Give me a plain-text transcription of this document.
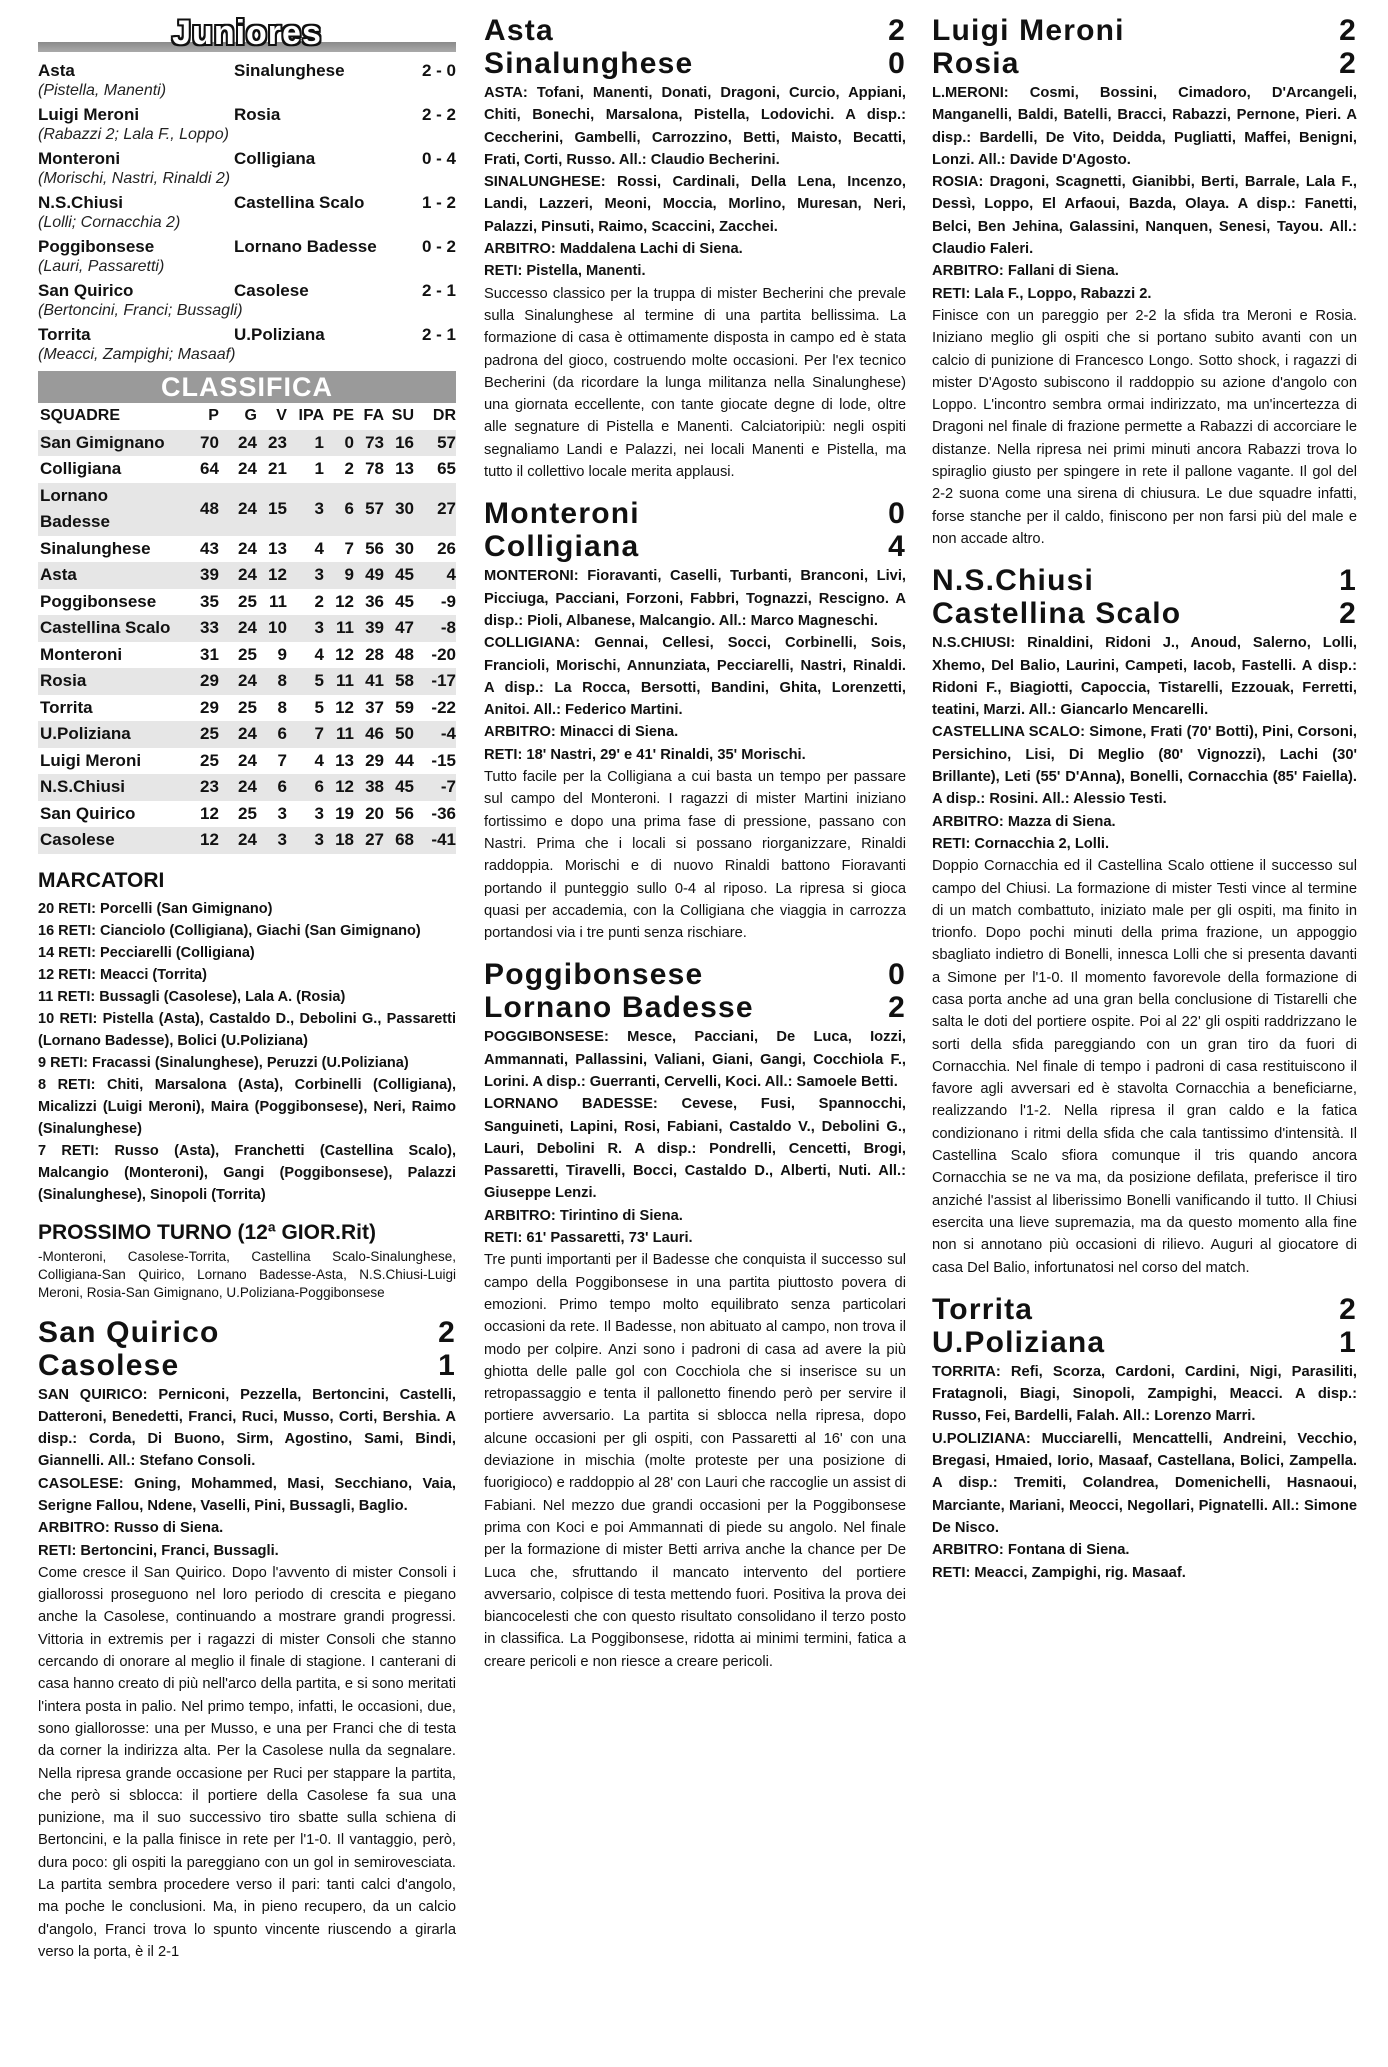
Juniores
Asta	Sinalunghese	2 - 0
(Pistella, Manenti)
Luigi Meroni	Rosia	2 - 2
(Rabazzi 2; Lala F., Loppo)
Monteroni	Colligiana	0 - 4
(Morischi, Nastri, Rinaldi 2)
N.S.Chiusi	Castellina Scalo	1 - 2
(Lolli; Cornacchia 2)
Poggibonsese	Lornano Badesse	0 - 2
(Lauri, Passaretti)
San Quirico	Casolese	2 - 1
(Bertoncini, Franci; Bussagli)
Torrita	U.Poliziana	2 - 1
(Meacci, Zampighi; Masaaf)
CLASSIFICA
SQUADRE	P	G	V	I	PA	PE	FA	SU	DR
San Gimignano	70	24	23		1	0	73	16	57
Colligiana	64	24	21		1	2	78	13	65
Lornano Badesse	48	24	15		3	6	57	30	27
Sinalunghese	43	24	13		4	7	56	30	26
Asta	39	24	12		3	9	49	45	4
Poggibonsese	35	25	11		2	12	36	45	-9
Castellina Scalo	33	24	10		3	11	39	47	-8
Monteroni	31	25	9		4	12	28	48	-20
Rosia	29	24	8		5	11	41	58	-17
Torrita	29	25	8		5	12	37	59	-22
U.Poliziana	25	24	6		7	11	46	50	-4
Luigi Meroni	25	24	7		4	13	29	44	-15
N.S.Chiusi	23	24	6		6	12	38	45	-7
San Quirico	12	25	3		3	19	20	56	-36
Casolese	12	24	3		3	18	27	68	-41
MARCATORI
20 RETI: Porcelli (San Gimignano)
16 RETI: Cianciolo (Colligiana), Giachi (San Gimignano)
14 RETI: Pecciarelli (Colligiana)
12 RETI: Meacci (Torrita)
11 RETI: Bussagli (Casolese), Lala A. (Rosia)
10 RETI: Pistella (Asta), Castaldo D., Debolini G., Passaretti (Lornano Badesse), Bolici (U.Poliziana)
9 RETI: Fracassi (Sinalunghese), Peruzzi (U.Poliziana)
8 RETI: Chiti, Marsalona (Asta), Corbinelli (Colligiana), Micalizzi (Luigi Meroni), Maira (Poggibonsese), Neri, Raimo (Sinalunghese)
7 RETI: Russo (Asta), Franchetti (Castellina Scalo), Malcangio (Monteroni), Gangi (Poggibonsese), Palazzi (Sinalunghese), Sinopoli (Torrita)
PROSSIMO TURNO (12ª GIOR.Rit)
-Monteroni, Casolese-Torrita, Castellina Scalo-Sinalunghese, Colligiana-San Quirico, Lornano Badesse-Asta, N.S.Chiusi-Luigi Meroni, Rosia-San Gimignano, U.Poliziana-Poggibonsese
San Quirico	2
Casolese	1

SAN QUIRICO: Perniconi, Pezzella, Bertoncini, Castelli, Datteroni, Benedetti, Franci, Ruci, Musso, Corti, Bershia. A disp.: Corda, Di Buono, Sirm, Agostino, Sami, Bindi, Giannelli. All.: Stefano Consoli.

CASOLESE: Gning, Mohammed, Masi, Secchiano, Vaia, Serigne Fallou, Ndene, Vaselli, Pini, Bussagli, Baglio.

ARBITRO: Russo di Siena.

RETI: Bertoncini, Franci, Bussagli.

Come cresce il San Quirico. Dopo l'avvento di mister Consoli i giallorossi proseguono nel loro periodo di crescita e piegano anche la Casolese, continuando a mostrare grandi progressi. Vittoria in extremis per i ragazzi di mister Consoli che stanno cercando di onorare al meglio il finale di stagione. I canterani di casa hanno creato di più nell'arco della partita, e si sono meritati l'intera posta in palio. Nel primo tempo, infatti, le occasioni, due, sono giallorosse: una per Musso, e una per Franci che di testa da corner la indirizza alta. Per la Casolese nulla da segnalare. Nella ripresa grande occasione per Ruci per stappare la partita, che però si sblocca: il portiere della Casolese fa sua una punizione, ma il suo successivo tiro sbatte sulla schiena di Bertoncini, e la palla finisce in rete per l'1-0. Il vantaggio, però, dura poco: gli ospiti la pareggiano con un gol in semirovesciata. La partita sembra procedere verso il pari: tanti calci d'angolo, ma poche le conclusioni. Ma, in pieno recupero, da un calcio d'angolo, Franci trova lo spunto vincente riuscendo a girarla verso la porta, è il 2-1

Asta	2
Sinalunghese	0

ASTA: Tofani, Manenti, Donati, Dragoni, Curcio, Appiani, Chiti, Bonechi, Marsalona, Pistella, Lodovichi. A disp.: Ceccherini, Gambelli, Carrozzino, Betti, Maisto, Becatti, Frati, Corti, Russo. All.: Claudio Becherini.

SINALUNGHESE: Rossi, Cardinali, Della Lena, Incenzo, Landi, Lazzeri, Meoni, Moccia, Morlino, Muresan, Neri, Palazzi, Pinsuti, Raimo, Scaccini, Zacchei.

ARBITRO: Maddalena Lachi di Siena.

RETI: Pistella, Manenti.

Successo classico per la truppa di mister Becherini che prevale sulla Sinalunghese al termine di una partita bellissima. La formazione di casa è ottimamente disposta in campo ed è stata padrona del gioco, costruendo molte occasioni. Per l'ex tecnico Becherini (da ricordare la lunga militanza nella Sinalunghese) una giornata eccellente, con tante giocate degne di lode, oltre alle segnature di Pistella e Manenti. Calciatoripiù: negli ospiti segnaliamo Landi e Palazzi, nei locali Manenti e Pistella, ma tutto il collettivo locale merita applausi.

Monteroni	0
Colligiana	4

MONTERONI: Fioravanti, Caselli, Turbanti, Branconi, Livi, Picciuga, Pacciani, Forzoni, Fabbri, Tognazzi, Rescigno. A disp.: Pioli, Albanese, Malcangio. All.: Marco Magneschi.

COLLIGIANA: Gennai, Cellesi, Socci, Corbinelli, Sois, Francioli, Morischi, Annunziata, Pecciarelli, Nastri, Rinaldi. A disp.: La Rocca, Bersotti, Bandini, Ghita, Lorenzetti, Anitoi. All.: Federico Martini.

ARBITRO: Minacci di Siena.

RETI: 18' Nastri, 29' e 41' Rinaldi, 35' Morischi.

Tutto facile per la Colligiana a cui basta un tempo per passare sul campo del Monteroni. I ragazzi di mister Martini iniziano fortissimo e dopo una prima fase di pressione, passano con Nastri. Prima che i locali si possano riorganizzare, Rinaldi raddoppia. Morischi e di nuovo Rinaldi battono Fioravanti portando il punteggio sullo 0-4 al riposo. La ripresa si gioca quasi per accademia, con la Colligiana che viaggia in carrozza portandosi via i tre punti senza rischiare.

Poggibonsese	0
Lornano Badesse	2

POGGIBONSESE: Mesce, Pacciani, De Luca, Iozzi, Ammannati, Pallassini, Valiani, Giani, Gangi, Cocchiola F., Lorini. A disp.: Guerranti, Cervelli, Koci. All.: Samoele Betti.

LORNANO BADESSE: Cevese, Fusi, Spannocchi, Sanguineti, Lapini, Rosi, Fabiani, Castaldo V., Debolini G., Lauri, Debolini R. A disp.: Pondrelli, Cencetti, Brogi, Passaretti, Tiravelli, Bocci, Castaldo D., Alberti, Nuti. All.: Giuseppe Lenzi.

ARBITRO: Tirintino di Siena.

RETI: 61' Passaretti, 73' Lauri.

Tre punti importanti per il Badesse che conquista il successo sul campo della Poggibonsese in una partita piuttosto povera di emozioni. Primo tempo molto equilibrato senza particolari occasioni da rete. Il Badesse, non abituato al campo, non trova il modo per colpire. Anzi sono i padroni di casa ad avere la più ghiotta delle palle gol con Cocchiola che si inserisce su un retropassaggio e tenta il pallonetto finendo però per servire il portiere avversario. La partita si sblocca nella ripresa, dopo alcune occasioni per gli ospiti, con Passaretti al 16' con una deviazione in mischia (molte proteste per una posizione di fuorigioco) e raddoppio al 28' con Lauri che raccoglie un assist di Fabiani. Nel mezzo due grandi occasioni per la Poggibonsese prima con Koci e poi Ammannati di piede su angolo. Nel finale per la formazione di mister Betti arriva anche la chance per De Luca che, sfruttando il mancato intervento del portiere avversario, colpisce di testa mettendo fuori. Positiva la prova dei biancocelesti che con questo risultato consolidano il terzo posto in classifica. La Poggibonsese, ridotta ai minimi termini, fatica a creare pericoli e non riesce a creare pericoli.

Luigi Meroni	2
Rosia	2

L.MERONI: Cosmi, Bossini, Cimadoro, D'Arcangeli, Manganelli, Baldi, Batelli, Bracci, Rabazzi, Pernone, Pieri. A disp.: Bardelli, De Vito, Deidda, Pugliatti, Maffei, Benigni, Lonzi. All.: Davide D'Agosto.

ROSIA: Dragoni, Scagnetti, Gianibbi, Berti, Barrale, Lala F., Dessì, Loppo, El Arfaoui, Bazda, Olaya. A disp.: Fanetti, Belci, Ben Jehina, Galassini, Nanquen, Senesi, Tayou. All.: Claudio Faleri.

ARBITRO: Fallani di Siena.

RETI: Lala F., Loppo, Rabazzi 2.

Finisce con un pareggio per 2-2 la sfida tra Meroni e Rosia. Iniziano meglio gli ospiti che si portano subito avanti con un calcio di punizione di Francesco Longo. Sotto shock, i ragazzi di mister D'Agosto subiscono il raddoppio su azione d'angolo con Loppo. L'incontro sembra ormai indirizzato, ma un'incertezza di Dragoni nel finale di frazione permette a Rabazzi di accorciare le distanze. Nella ripresa nei primi minuti ancora Rabazzi trova lo spiraglio giusto per spingere in rete il pallone vagante. Il gol del 2-2 suona come una sirena di chiusura. Le due squadre infatti, forse stanche per il caldo, finiscono per non farsi più del male e non accade altro.

N.S.Chiusi	1
Castellina Scalo	2

N.S.CHIUSI: Rinaldini, Ridoni J., Anoud, Salerno, Lolli, Xhemo, Del Balio, Laurini, Campeti, Iacob, Fastelli. A disp.: Ridoni F., Biagiotti, Capoccia, Tistarelli, Ezzouak, Ferretti, teatini, Marzi. All.: Giancarlo Mencarelli.

CASTELLINA SCALO: Simone, Frati (70' Botti), Pini, Corsoni, Persichino, Lisi, Di Meglio (80' Vignozzi), Lachi (30' Brillante), Leti (55' D'Anna), Bonelli, Cornacchia (85' Faiella). A disp.: Rosini. All.: Alessio Testi.

ARBITRO: Mazza di Siena.

RETI: Cornacchia 2, Lolli.

Doppio Cornacchia ed il Castellina Scalo ottiene il successo sul campo del Chiusi. La formazione di mister Testi vince al termine di un match combattuto, iniziato male per gli ospiti, ma finito in trionfo. Dopo pochi minuti della prima frazione, un appoggio sbagliato indietro di Bonelli, innesca Lolli che si presenta davanti a Simone per l'1-0. Il momento favorevole della formazione di casa porta anche ad una gran bella conclusione di Tistarelli che salta le doti del portiere ospite. Poi al 22' gli ospiti raddrizzano le sorti della sfida pareggiando con un gran tiro da fuori di Cornacchia. Nel finale di tempo i padroni di casa restituiscono il favore agli avversari ed è stavolta Cornacchia a beneficiarne, realizzando l'1-2. Nella ripresa il gran caldo e la fatica condizionano i ritmi della sfida che cala tantissimo d'intensità. Il Castellina Scalo sfiora comunque il tris quando ancora Cornacchia se ne va ma, da posizione defilata, preferisce il tiro anziché l'assist al liberissimo Bonelli vanificando il tutto. Il Chiusi esercita una lieve supremazia, ma da questo momento alla fine non si annotano più occasioni di rilievo. Auguri al giocatore di casa Del Balio, infortunatosi nel corso del match.

Torrita	2
U.Poliziana	1

TORRITA: Refi, Scorza, Cardoni, Cardini, Nigi, Parasiliti, Fratagnoli, Biagi, Sinopoli, Zampighi, Meacci. A disp.: Russo, Fei, Bardelli, Falah. All.: Lorenzo Marri.

U.POLIZIANA: Mucciarelli, Mencattelli, Andreini, Vecchio, Bregasi, Hmaied, Iorio, Masaaf, Castellana, Bolici, Zampella. A disp.: Tremiti, Colandrea, Domenichelli, Hasnaoui, Marciante, Mariani, Meocci, Negollari, Pignatelli. All.: Simone De Nisco.

ARBITRO: Fontana di Siena.

RETI: Meacci, Zampighi, rig. Masaaf.
